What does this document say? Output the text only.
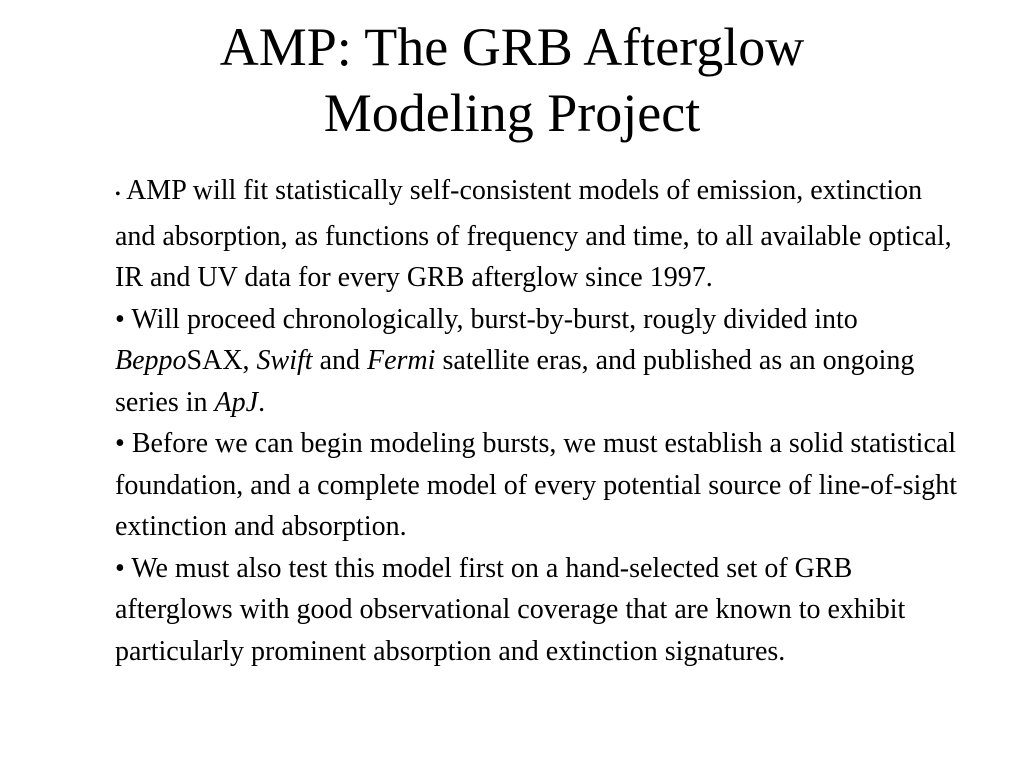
AMP: The GRB Afterglow
Modeling Project

• AMP will fit statistically self-consistent models of emission, extinction and absorption, as functions of frequency and time, to all available optical, IR and UV data for every GRB afterglow since 1997.

• Will proceed chronologically, burst-by-burst, rougly divided into BeppoSAX, Swift and Fermi satellite eras, and published as an ongoing series in ApJ.

• Before we can begin modeling bursts, we must establish a solid statistical foundation, and a complete model of every potential source of line-of-sight extinction and absorption.

• We must also test this model first on a hand-selected set of GRB afterglows with good observational coverage that are known to exhibit particularly prominent absorption and extinction signatures.
